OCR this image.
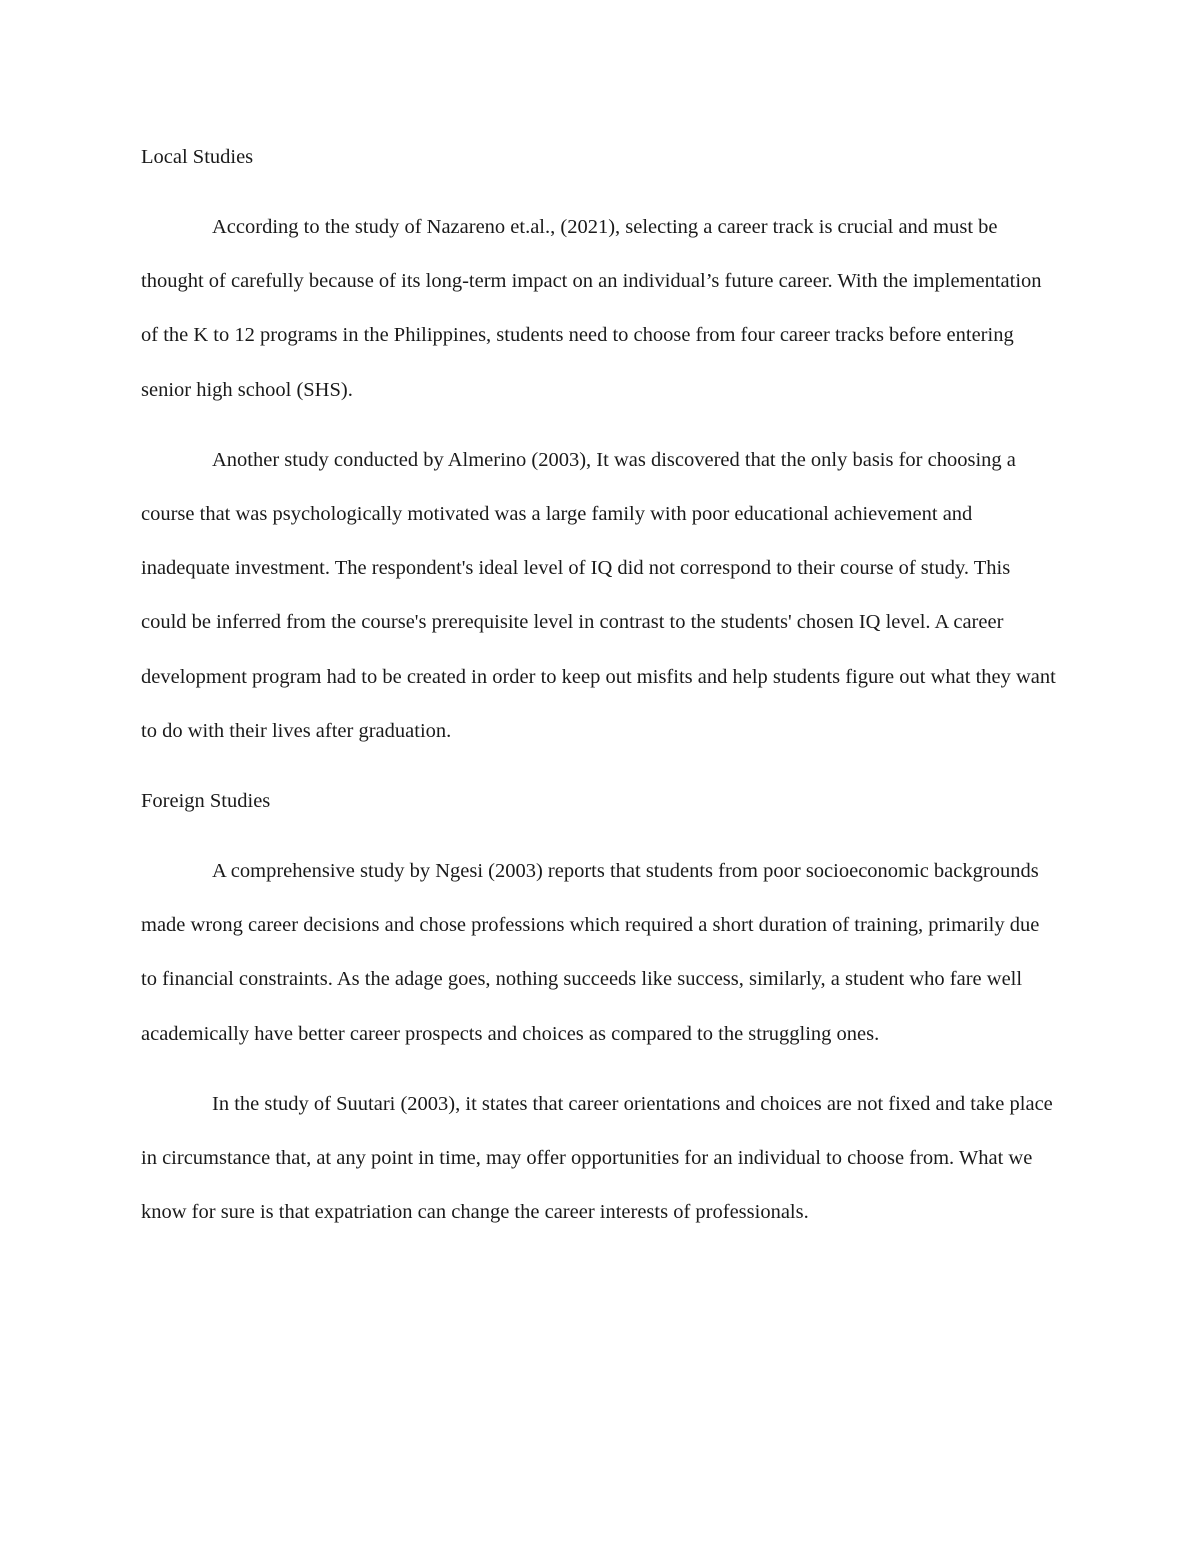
Local Studies

According to the study of Nazareno et.al., (2021), selecting a career track is crucial and must be thought of carefully because of its long-term impact on an individual’s future career. With the implementation of the K to 12 programs in the Philippines, students need to choose from four career tracks before entering senior high school (SHS).

Another study conducted by Almerino (2003), It was discovered that the only basis for choosing a course that was psychologically motivated was a large family with poor educational achievement and inadequate investment. The respondent's ideal level of IQ did not correspond to their course of study. This could be inferred from the course's prerequisite level in contrast to the students' chosen IQ level. A career development program had to be created in order to keep out misfits and help students figure out what they want to do with their lives after graduation.

Foreign Studies

A comprehensive study by Ngesi (2003) reports that students from poor socioeconomic backgrounds made wrong career decisions and chose professions which required a short duration of training, primarily due to financial constraints. As the adage goes, nothing succeeds like success, similarly, a student who fare well academically have better career prospects and choices as compared to the struggling ones.

In the study of Suutari (2003), it states that career orientations and choices are not fixed and take place in circumstance that, at any point in time, may offer opportunities for an individual to choose from. What we know for sure is that expatriation can change the career interests of professionals.
